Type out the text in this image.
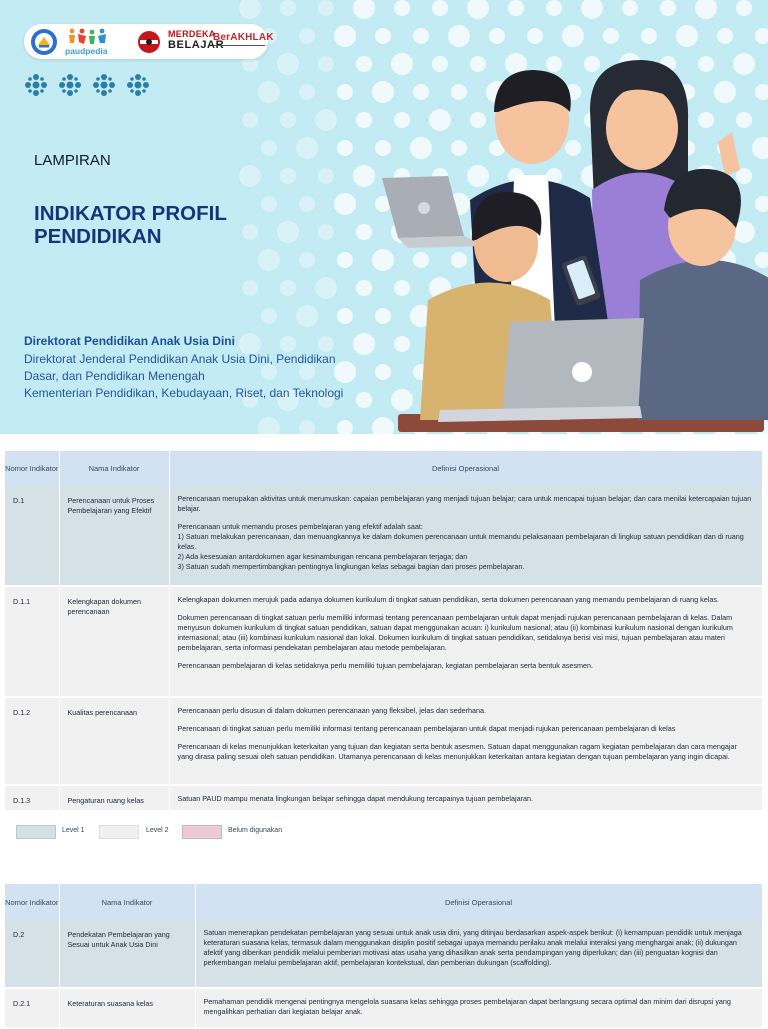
paudpedia
MERDEKA
BELAJAR
BerAKHLAK
LAMPIRAN
INDIKATOR PROFIL
PENDIDIKAN
Direktorat Pendidikan Anak Usia Dini
Direktorat Jenderal Pendidikan Anak Usia Dini, Pendidikan
Dasar, dan Pendidikan Menengah
Kementerian Pendidikan, Kebudayaan, Riset, dan Teknologi
Nomor Indikator	Nama Indikator	Definisi Operasional
D.1	Perencanaan untuk Proses Pembelajaran yang Efektif	Perencanaan merupakan aktivitas untuk merumuskan: capaian pembelajaran yang menjadi tujuan belajar; cara untuk mencapai tujuan belajar; dan cara menilai ketercapaian tujuan belajar.

Perencanaan untuk memandu proses pembelajaran yang efektif adalah saat:
1) Satuan melakukan perencanaan, dan menuangkannya ke dalam dokumen perencanaan untuk memandu pelaksanaan pembelajaran di lingkup satuan pendidikan dan di ruang kelas.
2) Ada kesesuaian antardokumen agar kesinambungan rencana pembelajaran terjaga; dan
3) Satuan sudah mempertimbangkan pentingnya lingkungan kelas sebagai bagian dari proses pembelajaran.

D.1.1	Kelengkapan dokumen perencanaan	Kelengkapan dokumen merujuk pada adanya dokumen kurikulum di tingkat satuan pendidikan, serta dokumen perencanaan yang memandu pembelajaran di ruang kelas.

Dokumen perencanaan di tingkat satuan perlu memiliki informasi tentang perencanaan pembelajaran untuk dapat menjadi rujukan perencanaan pembelajaran di kelas. Dalam menyusun dokumen kurikulum di tingkat satuan pendidikan, satuan dapat menggunakan acuan: i) kurikulum nasional; atau (ii) kombinasi kurikulum nasional dengan kurikulum internasional; atau (iii) kombinasi kurikulum nasional dan lokal. Dokumen kurikulum di tingkat satuan pendidikan, setidaknya berisi visi misi, tujuan pembelajaran atau materi pembelajaran, serta informasi pendekatan pembelajaran atau metode pembelajaran.

Perencanaan pembelajaran di kelas setidaknya perlu memiliki tujuan pembelajaran, kegiatan pembelajaran serta bentuk asesmen.

D.1.2	Kualitas perencanaan	Perencanaan perlu disusun di dalam dokumen perencanaan yang fleksibel, jelas dan sederhana.

Perencanaan di tingkat satuan perlu memiliki informasi tentang perencanaan pembelajaran untuk dapat menjadi rujukan perencanaan pembelajaran di kelas

Perencanaan di kelas menunjukkan keterkaitan yang tujuan dan kegiatan serta bentuk asesmen. Satuan dapat menggunakan ragam kegiatan pembelajaran dan cara mengajar yang dirasa paling sesuai oleh satuan pendidikan. Utamanya perencanaan di kelas menunjukkan keterkaitan antara kegiatan dengan tujuan pembelajaran yang ingin dicapai.

D.1.3	Pengaturan ruang kelas	Satuan PAUD mampu menata lingkungan belajar sehingga dapat mendukung tercapainya tujuan pembelajaran.

Level 1	Level 2	Belum digunakan
Nomor Indikator	Nama Indikator	Definisi Operasional
D.2	Pendekatan Pembelajaran yang Sesuai untuk Anak Usia Dini	Satuan menerapkan pendekatan pembelajaran yang sesuai untuk anak usia dini, yang ditinjau berdasarkan aspek-aspek berikut: (i) kemampuan pendidik untuk menjaga keteraturan suasana kelas, termasuk dalam menggunakan disiplin positif sebagai upaya memandu perilaku anak melalui interaksi yang menghargai anak; (ii) dukungan afektif yang diberikan pendidik melalui pemberian motivasi atas usaha yang dihasilkan anak serta pendampingan yang diperlukan; dan (iii) penguatan kognisi dan perkembangan melalui pembelajaran aktif, pembelajaran kontekstual, dan pemberian dukungan (scaffolding).

D.2.1	Keteraturan suasana kelas	Pemahaman pendidik mengenai pentingnya mengelola suasana kelas sehingga proses pembelajaran dapat berlangsung secara optimal dan minim dari disrupsi yang mengalihkan perhatian dari kegiatan belajar anak.
